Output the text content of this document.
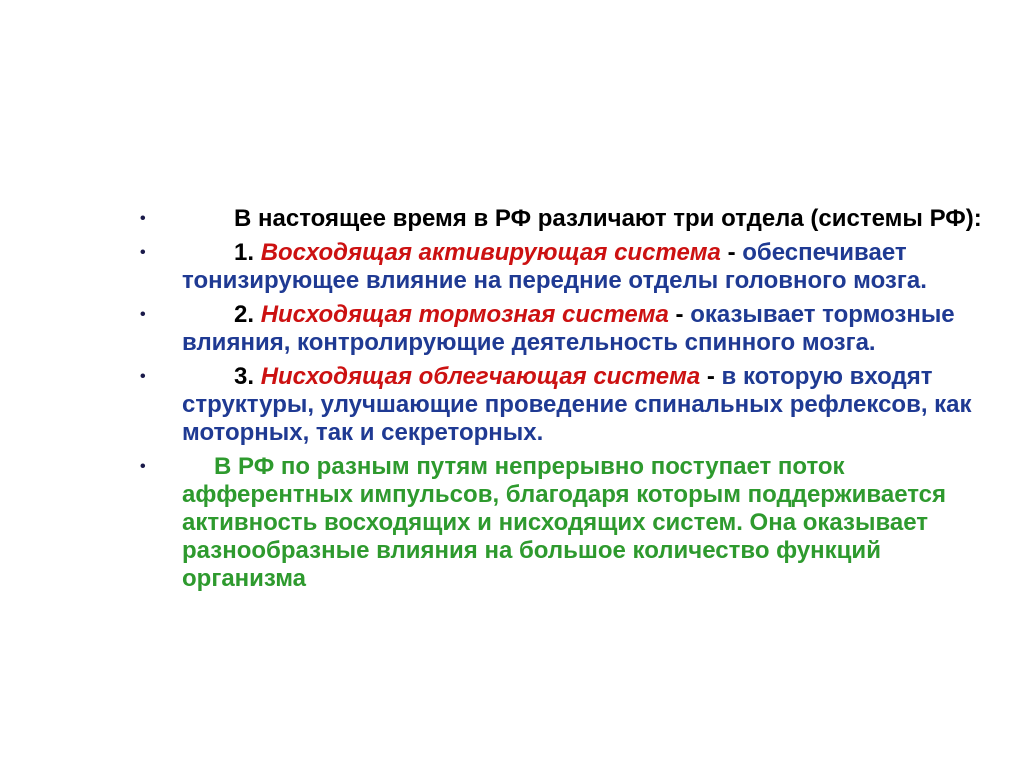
•	В настоящее время в РФ различают три отдела (системы РФ):
•	1. Восходящая активирующая система - обеспечивает тонизирующее влияние на передние отделы головного мозга.
•	2. Нисходящая тормозная система - оказывает тормозные влияния, контролирующие деятельность спинного мозга.
•	3. Нисходящая облегчающая система - в которую входят структуры, улучшающие проведение спинальных рефлексов, как моторных, так и секреторных.
•	В РФ по разным путям непрерывно поступает поток афферентных импульсов, благодаря которым поддерживается активность восходящих и нисходящих систем. Она оказывает разнообразные влияния на большое количество функций организма
